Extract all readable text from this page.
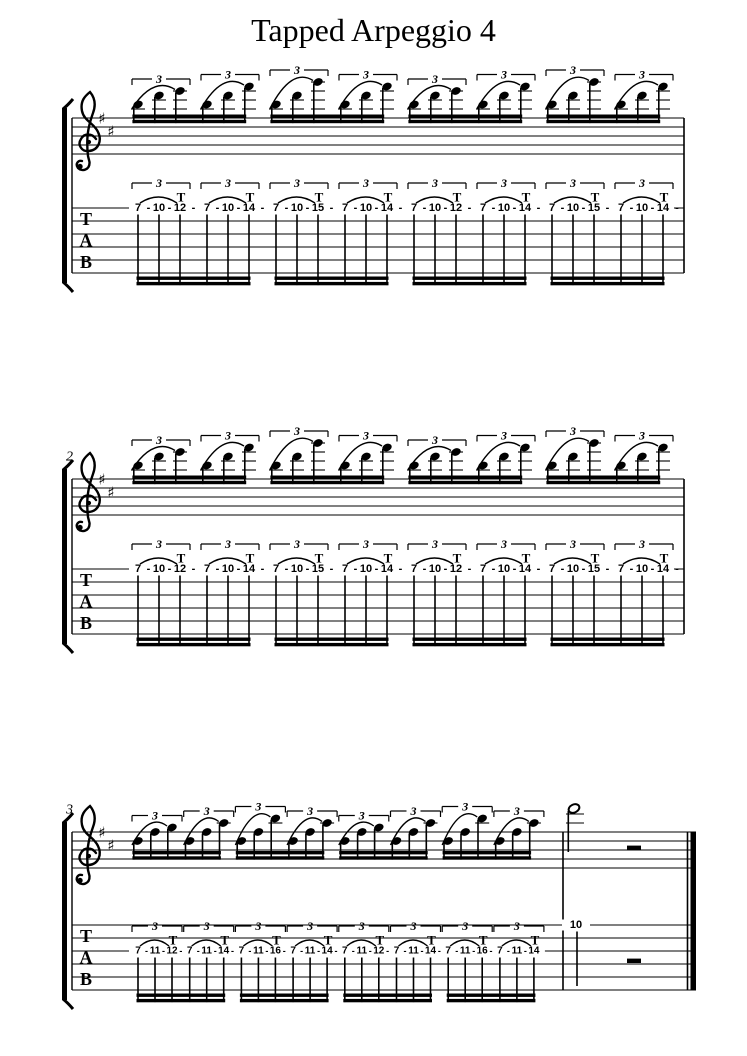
Tapped Arpeggio 4
♯
♯
T
A
B
3
7 10 12
3
T
3
7 10 14
3
T
3
7 10 15
3
T
3
7 10 14
3
T
3
7 10 12
3
T
3
7 10 14
3
T
3
7 10 15
3
T
3
7 10 14
3
T
- - - - - - - - - - - - - - - - - - - - - - - -
♯
♯
T
A
B
2
3
7 10 12
3
T
3
7 10 14
3
T
3
7 10 15
3
T
3
7 10 14
3
T
3
7 10 12
3
T
3
7 10 14
3
T
3
7 10 15
3
T
3
7 10 14
3
T
- - - - - - - - - - - - - - - - - - - - - - - -
♯
♯
T
A
B
3	3
7 11 12
3
T
3
7 11 14
3
T
3
7 11 16
3
T
3
7 11 14
3
T
3
7 11 12
3
T
3
7 11 14
3
T
3
7 11 16
3
T
3
7 11 14
3
T
- - - - - - - - - - - - - - - - - - - - - - -
10
